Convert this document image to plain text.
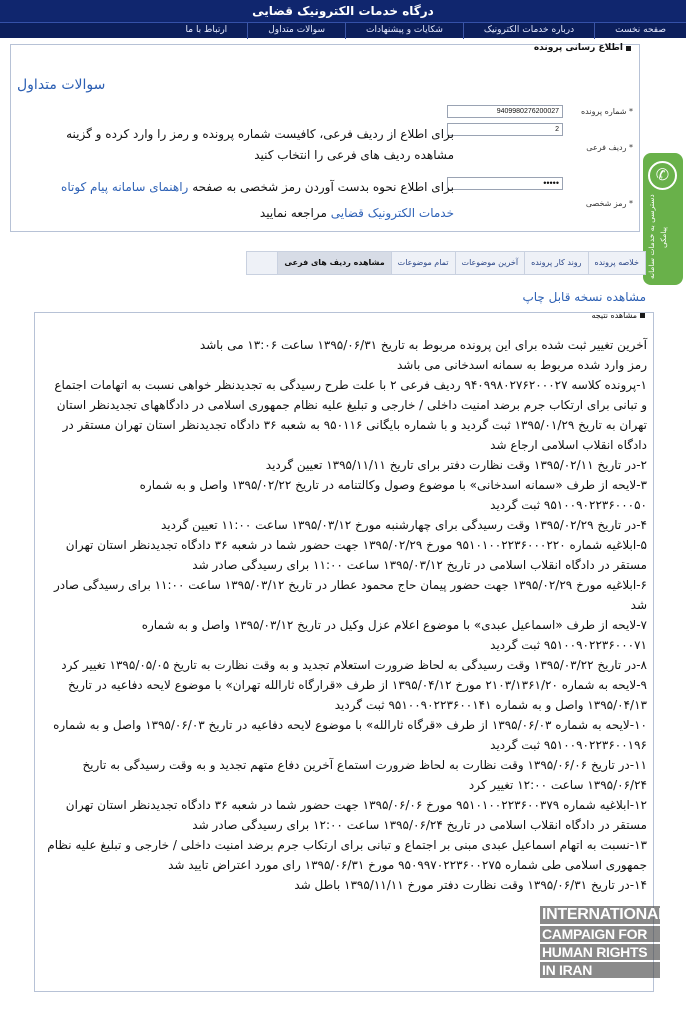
درگاه خدمات الکترونیک قضایی
صفحه نخست
درباره خدمات الکترونیک
شکایات و پیشنهادات
سوالات متداول
ارتباط با ما
اطلاع رسانی پرونده
سوالات متداول
* شماره پرونده
9409980276200027
* ردیف فرعی
2
برای اطلاع از ردیف فرعی، کافیست شماره پرونده و رمز را وارد کرده و گزینه مشاهده ردیف های فرعی را انتخاب کنید
* رمز شخصی
•••••
برای اطلاع نحوه بدست آوردن رمز شخصی به صفحه راهنمای سامانه پیام کوتاه
خدمات الکترونیک قضایی مراجعه نمایید
✆
دسترسی به خدمات سامانه پیامکی
خلاصه پرونده
روند کار پرونده
آخرین موضوعات
تمام موضوعات
مشاهده ردیف های فرعی
مشاهده نسخه قابل چاپ
مشاهده نتیجه

آخرین تغییر ثبت شده برای این پرونده مربوط به تاریخ ۱۳۹۵/۰۶/۳۱ ساعت ۱۳:۰۶ می باشد

رمز وارد شده مربوط به سمانه اسدخانی می باشد

۱-پرونده کلاسه ۹۴۰۹۹۸۰۲۷۶۲۰۰۰۲۷ ردیف فرعی ۲ با علت طرح رسیدگی به تجدیدنظر خواهی نسبت به اتهامات اجتماع و تبانی برای ارتکاب جرم برضد امنیت داخلی / خارجی و تبلیغ علیه نظام جمهوری اسلامی در دادگاههای تجدیدنظر استان تهران به تاریخ ۱۳۹۵/۰۱/۲۹ ثبت گردید و با شماره بایگانی ۹۵۰۱۱۶ به شعبه ۳۶ دادگاه تجدیدنظر استان تهران مستقر در دادگاه انقلاب اسلامی ارجاع شد

۲-در تاریخ ۱۳۹۵/۰۲/۱۱ وقت نظارت دفتر برای تاریخ ۱۳۹۵/۱۱/۱۱ تعیین گردید

۳-لایحه از طرف «سمانه اسدخانی» با موضوع وصول وکالتنامه در تاریخ ۱۳۹۵/۰۲/۲۲ واصل و به شماره ۹۵۱۰۰۹۰۲۲۳۶۰۰۰۵۰ ثبت گردید

۴-در تاریخ ۱۳۹۵/۰۲/۲۹ وقت رسیدگی برای چهارشنبه مورخ ۱۳۹۵/۰۳/۱۲ ساعت ۱۱:۰۰ تعیین گردید

۵-ابلاغیه شماره ۹۵۱۰۱۰۰۲۲۳۶۰۰۰۲۲۰ مورخ ۱۳۹۵/۰۲/۲۹ جهت حضور شما در شعبه ۳۶ دادگاه تجدیدنظر استان تهران مستقر در دادگاه انقلاب اسلامی در تاریخ ۱۳۹۵/۰۳/۱۲ ساعت ۱۱:۰۰ برای رسیدگی صادر شد

۶-ابلاغیه مورخ ۱۳۹۵/۰۲/۲۹ جهت حضور پیمان حاج محمود عطار در تاریخ ۱۳۹۵/۰۳/۱۲ ساعت ۱۱:۰۰ برای رسیدگی صادر شد

۷-لایحه از طرف «اسماعیل عبدی» با موضوع اعلام عزل وکیل در تاریخ ۱۳۹۵/۰۳/۱۲ واصل و به شماره ۹۵۱۰۰۹۰۲۲۳۶۰۰۰۷۱ ثبت گردید

۸-در تاریخ ۱۳۹۵/۰۳/۲۲ وقت رسیدگی به لحاظ ضرورت استعلام تجدید و به وقت نظارت به تاریخ ۱۳۹۵/۰۵/۰۵ تغییر کرد

۹-لایحه به شماره ۲۱۰۳/۱۳۶۱/۲۰ مورخ ۱۳۹۵/۰۴/۱۲ از طرف «قرارگاه ثارالله تهران» با موضوع لایحه دفاعیه در تاریخ ۱۳۹۵/۰۴/۱۳ واصل و به شماره ۹۵۱۰۰۹۰۲۲۳۶۰۰۱۴۱ ثبت گردید

۱۰-لایحه به شماره ۱۳۹۵/۰۶/۰۳ از طرف «قرگاه ثارالله» با موضوع لایحه دفاعیه در تاریخ ۱۳۹۵/۰۶/۰۳ واصل و به شماره ۹۵۱۰۰۹۰۲۲۳۶۰۰۱۹۶ ثبت گردید

۱۱-در تاریخ ۱۳۹۵/۰۶/۰۶ وقت نظارت به لحاظ ضرورت استماع آخرین دفاع متهم تجدید و به وقت رسیدگی به تاریخ ۱۳۹۵/۰۶/۲۴ ساعت ۱۲:۰۰ تغییر کرد

۱۲-ابلاغیه شماره ۹۵۱۰۱۰۰۲۲۳۶۰۰۳۷۹ مورخ ۱۳۹۵/۰۶/۰۶ جهت حضور شما در شعبه ۳۶ دادگاه تجدیدنظر استان تهران مستقر در دادگاه انقلاب اسلامی در تاریخ ۱۳۹۵/۰۶/۲۴ ساعت ۱۲:۰۰ برای رسیدگی صادر شد

۱۳-نسبت به اتهام اسماعیل عبدی مبنی بر اجتماع و تبانی برای ارتکاب جرم برضد امنیت داخلی / خارجی و تبلیغ علیه نظام جمهوری اسلامی طی شماره ۹۵۰۹۹۷۰۲۲۳۶۰۰۲۷۵ مورخ ۱۳۹۵/۰۶/۳۱ رای مورد اعتراض تایید شد

۱۴-در تاریخ ۱۳۹۵/۰۶/۳۱ وقت نظارت دفتر مورخ ۱۳۹۵/۱۱/۱۱ باطل شد

INTERNATIONAL
CAMPAIGN FOR
HUMAN RIGHTS
IN IRAN
